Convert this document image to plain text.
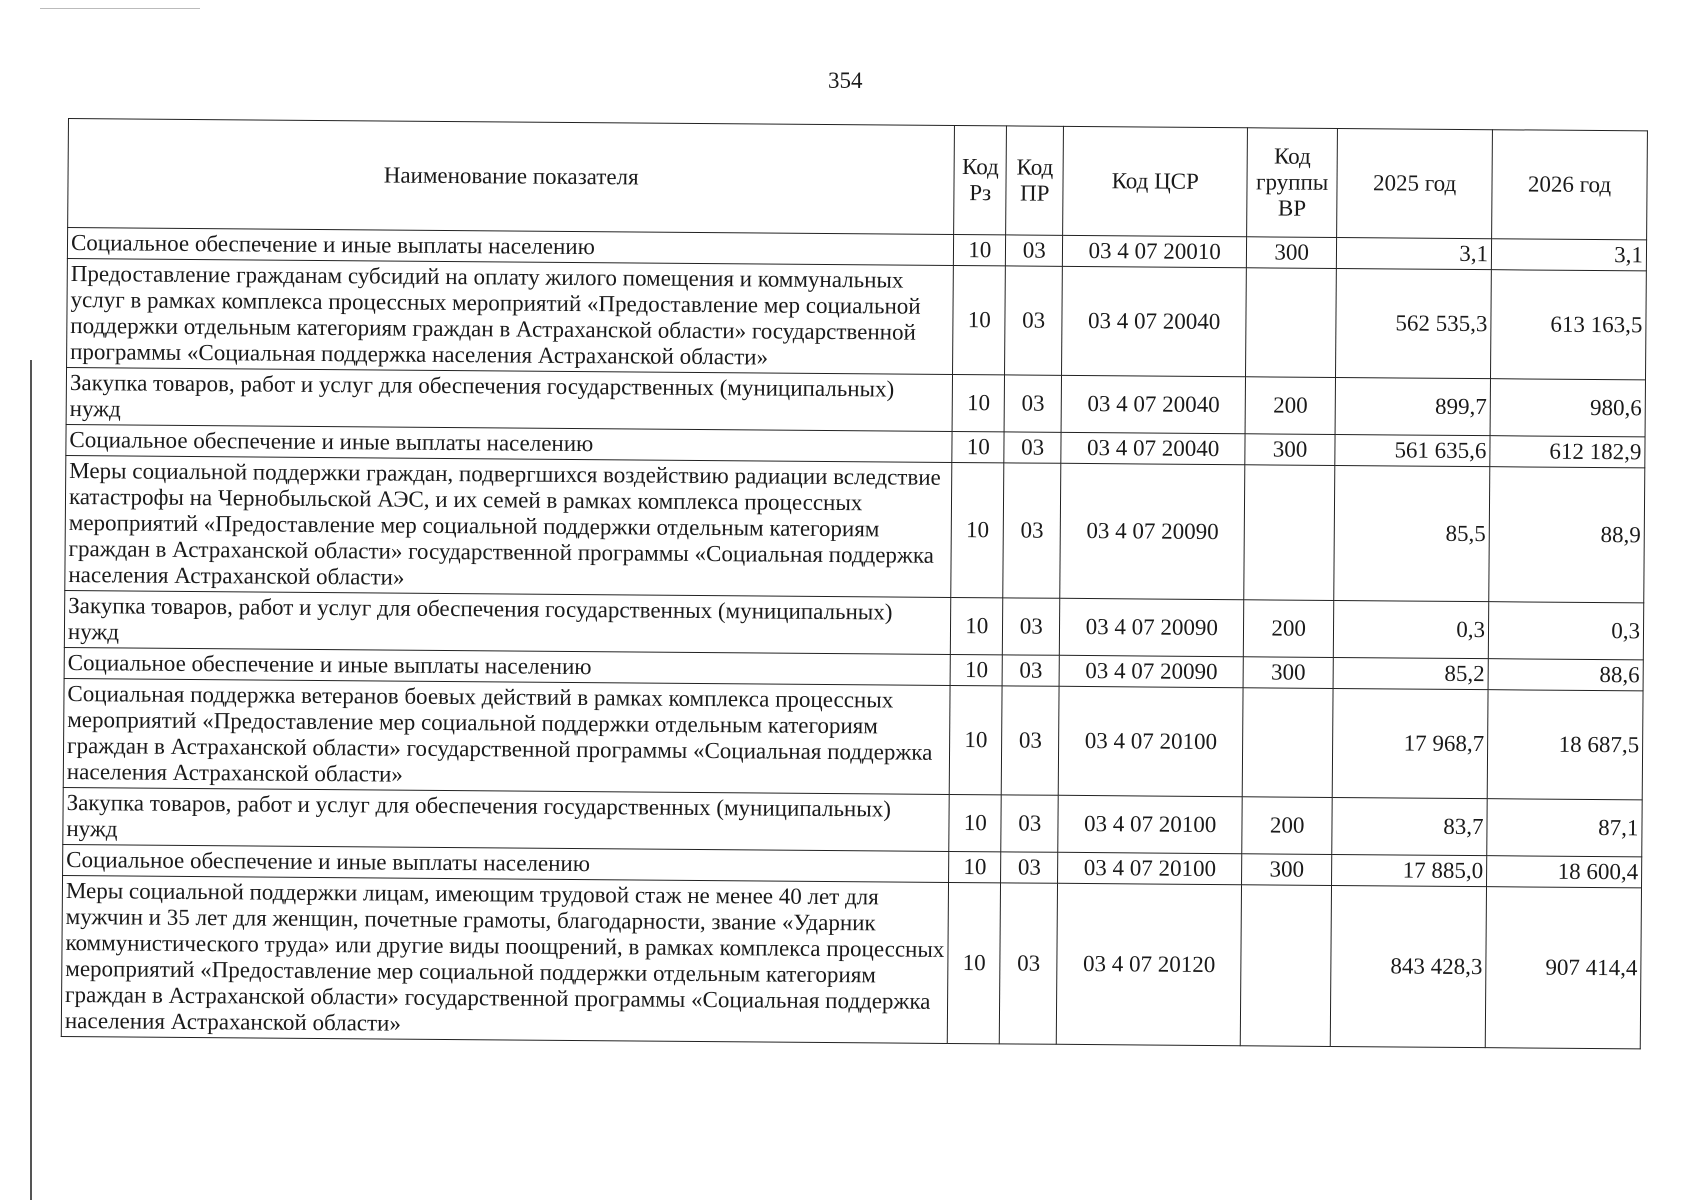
354
Наименование показателя	Код Рз	Код ПР	Код ЦСР	Код группы ВР	2025 год	2026 год
Социальное обеспечение и иные выплаты населению	10	03	03 4 07 20010	300	3,1	3,1
Предоставление гражданам субсидий на оплату жилого помещения и коммунальных услуг в рамках комплекса процессных мероприятий «Предоставление мер социальной поддержки отдельным категориям граждан в Астраханской области» государственной программы «Социальная поддержка населения Астраханской области»	10	03	03 4 07 20040		562 535,3	613 163,5
Закупка товаров, работ и услуг для обеспечения государственных (муниципальных) нужд	10	03	03 4 07 20040	200	899,7	980,6
Социальное обеспечение и иные выплаты населению	10	03	03 4 07 20040	300	561 635,6	612 182,9
Меры социальной поддержки граждан, подвергшихся воздействию радиации вследствие катастрофы на Чернобыльской АЭС, и их семей в рамках комплекса процессных мероприятий «Предоставление мер социальной поддержки отдельным категориям граждан в Астраханской области» государственной программы «Социальная поддержка населения Астраханской области»	10	03	03 4 07 20090		85,5	88,9
Закупка товаров, работ и услуг для обеспечения государственных (муниципальных) нужд	10	03	03 4 07 20090	200	0,3	0,3
Социальное обеспечение и иные выплаты населению	10	03	03 4 07 20090	300	85,2	88,6
Социальная поддержка ветеранов боевых действий в рамках комплекса процессных мероприятий «Предоставление мер социальной поддержки отдельным категориям граждан в Астраханской области» государственной программы «Социальная поддержка населения Астраханской области»	10	03	03 4 07 20100		17 968,7	18 687,5
Закупка товаров, работ и услуг для обеспечения государственных (муниципальных) нужд	10	03	03 4 07 20100	200	83,7	87,1
Социальное обеспечение и иные выплаты населению	10	03	03 4 07 20100	300	17 885,0	18 600,4
Меры социальной поддержки лицам, имеющим трудовой стаж не менее 40 лет для мужчин и 35 лет для женщин, почетные грамоты, благодарности, звание «Ударник коммунистического труда» или другие виды поощрений, в рамках комплекса процессных мероприятий «Предоставление мер социальной поддержки отдельным категориям граждан в Астраханской области» государственной программы «Социальная поддержка населения Астраханской области»	10	03	03 4 07 20120		843 428,3	907 414,4
